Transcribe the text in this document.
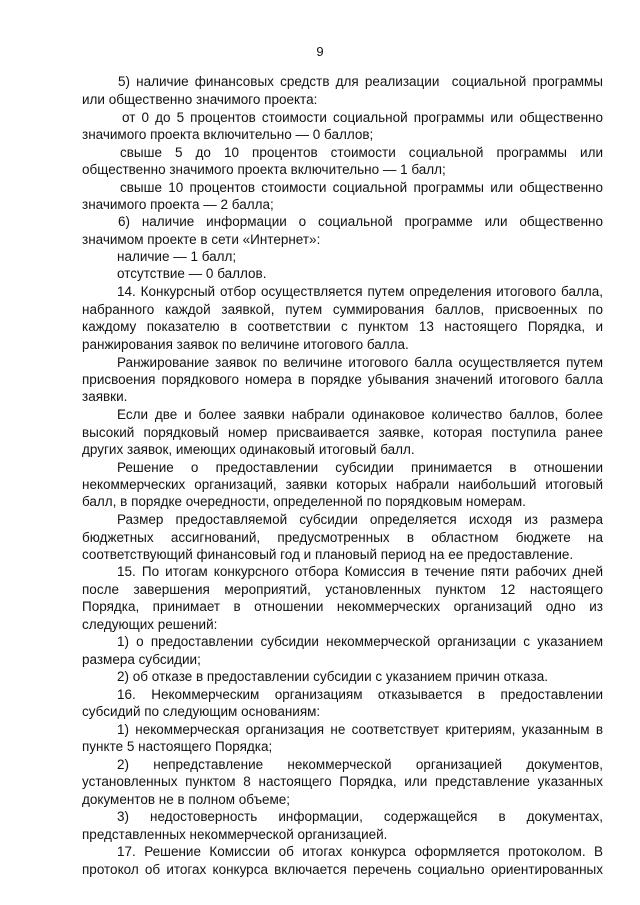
9
5) наличие финансовых средств для реализации  социальной программы
или общественно значимого проекта:
от 0 до 5 процентов стоимости социальной программы или общественно
значимого проекта включительно — 0 баллов;
свыше 5 до 10 процентов стоимости социальной программы или
общественно значимого проекта включительно — 1 балл;
свыше 10 процентов стоимости социальной программы или общественно
значимого проекта — 2 балла;
6) наличие информации о социальной программе или общественно
значимом проекте в сети «Интернет»:
наличие — 1 балл;
отсутствие — 0 баллов.
14. Конкурсный отбор осуществляется путем определения итогового балла,
набранного каждой заявкой, путем суммирования баллов, присвоенных по
каждому показателю в соответствии с пунктом 13 настоящего Порядка, и
ранжирования заявок по величине итогового балла.
Ранжирование заявок по величине итогового балла осуществляется путем
присвоения порядкового номера в порядке убывания значений итогового балла
заявки.
Если две и более заявки набрали одинаковое количество баллов, более
высокий порядковый номер присваивается заявке, которая поступила ранее
других заявок, имеющих одинаковый итоговый балл.
Решение о предоставлении субсидии принимается в отношении
некоммерческих организаций, заявки которых набрали наибольший итоговый
балл, в порядке очередности, определенной по порядковым номерам.
Размер предоставляемой субсидии определяется исходя из размера
бюджетных ассигнований, предусмотренных в областном бюджете на
соответствующий финансовый год и плановый период на ее предоставление.
15. По итогам конкурсного отбора Комиссия в течение пяти рабочих дней
после завершения мероприятий, установленных пунктом 12 настоящего
Порядка, принимает в отношении некоммерческих организаций одно из
следующих решений:
1) о предоставлении субсидии некоммерческой организации с указанием
размера субсидии;
2) об отказе в предоставлении субсидии с указанием причин отказа.
16. Некоммерческим организациям отказывается в предоставлении
субсидий по следующим основаниям:
1) некоммерческая организация не соответствует критериям, указанным в
пункте 5 настоящего Порядка;
2) непредставление некоммерческой организацией документов,
установленных пунктом 8 настоящего Порядка, или представление указанных
документов не в полном объеме;
3) недостоверность информации, содержащейся в документах,
представленных некоммерческой организацией.
17. Решение Комиссии об итогах конкурса оформляется протоколом. В
протокол об итогах конкурса включается перечень социально ориентированных
